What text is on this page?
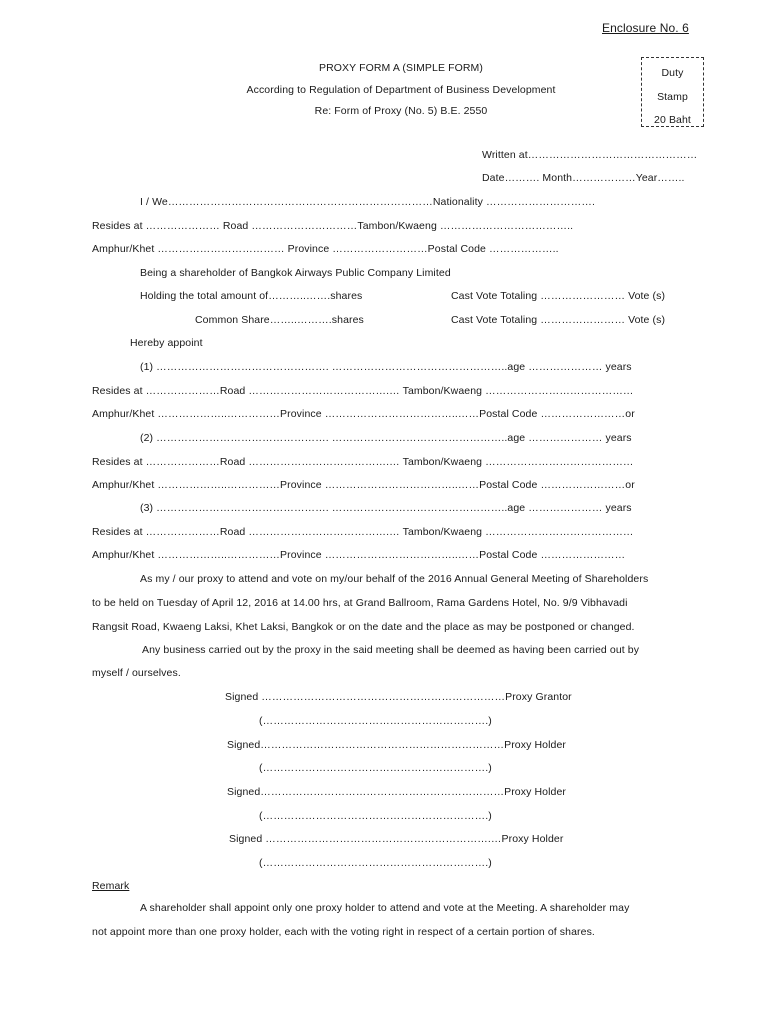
Enclosure No. 6
PROXY FORM A (SIMPLE FORM)
According to Regulation of Department of Business Development
Re: Form of Proxy (No. 5) B.E. 2550
Duty
Stamp
20 Baht
Written at…………………………………………
Date………. Month………………Year……..
I / We…………………………………………………………………Nationality ………………………….
Resides at ………………… Road …………………………Tambon/Kwaeng ………………………………..
Amphur/Khet ……………………………… Province ………………………Postal Code ………………..
Being a shareholder of Bangkok Airways Public Company Limited
Holding the total amount of………..…….shares	Cast Vote Totaling …………………… Vote (s)
Common Share……..……….shares	Cast Vote Totaling …………………… Vote (s)
Hereby appoint
(1) …………………………………………. …………………………………………..age ………………… years
Resides at …………………Road ………………………………….… Tambon/Kwaeng ……………………………………
Amphur/Khet ………………..……………Province ………………………………..……Postal Code ……………………or
(2) …………………………………………. …………………………………………..age ………………… years
Resides at …………………Road ………………………………….… Tambon/Kwaeng ……………………………………
Amphur/Khet ………………..……………Province ………………………………..……Postal Code ……………………or
(3) …………………………………………. …………………………………………..age ………………… years
Resides at …………………Road ………………………………….… Tambon/Kwaeng ……………………………………
Amphur/Khet ………………..……………Province ………………………………..……Postal Code ……………………
As my / our proxy to attend and vote on my/our behalf of the 2016 Annual General Meeting of Shareholders
to be held on Tuesday of April 12, 2016 at 14.00 hrs, at Grand Ballroom, Rama Gardens Hotel, No. 9/9 Vibhavadi
Rangsit Road, Kwaeng Laksi, Khet Laksi, Bangkok or on the date and the place as may be postponed or changed.
Any business carried out by the proxy in the said meeting shall be deemed as having been carried out by
myself / ourselves.
Signed ……………………………………………………………Proxy Grantor
(……………………………………………………….)
Signed……………………………………………………………Proxy Holder
(……………………………………………………….)
Signed……………………………………………………………Proxy Holder
(……………………………………………………….)
Signed ……………………………………………………….…Proxy Holder
(……………………………………………………….)
Remark
A shareholder shall appoint only one proxy holder to attend and vote at the Meeting. A shareholder may
not appoint more than one proxy holder, each with the voting right in respect of a certain portion of shares.
